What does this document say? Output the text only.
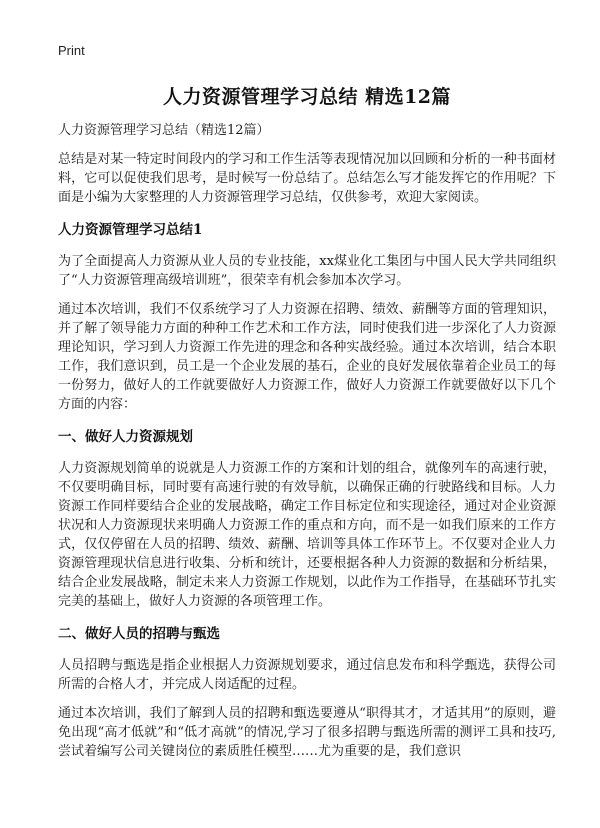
Print
人力资源管理学习总结 精选12篇
人力资源管理学习总结（精选12篇）

总结是对某一特定时间段内的学习和工作生活等表现情况加以回顾和分析的一种书面材料，它可以促使我们思考，是时候写一份总结了。总结怎么写才能发挥它的作用呢？下面是小编为大家整理的人力资源管理学习总结，仅供参考，欢迎大家阅读。

人力资源管理学习总结1

为了全面提高人力资源从业人员的专业技能，xx煤业化工集团与中国人民大学共同组织了“人力资源管理高级培训班”，很荣幸有机会参加本次学习。

通过本次培训，我们不仅系统学习了人力资源在招聘、绩效、薪酬等方面的管理知识，并了解了领导能力方面的种种工作艺术和工作方法，同时使我们进一步深化了人力资源理论知识，学习到人力资源工作先进的理念和各种实战经验。通过本次培训，结合本职工作，我们意识到，员工是一个企业发展的基石，企业的良好发展依靠着企业员工的每一份努力，做好人的工作就要做好人力资源工作，做好人力资源工作就要做好以下几个方面的内容：

一、做好人力资源规划

人力资源规划简单的说就是人力资源工作的方案和计划的组合，就像列车的高速行驶，不仅要明确目标，同时要有高速行驶的有效导航，以确保正确的行驶路线和目标。人力资源工作同样要结合企业的发展战略，确定工作目标定位和实现途径，通过对企业资源状况和人力资源现状来明确人力资源工作的重点和方向，而不是一如我们原来的工作方式，仅仅停留在人员的招聘、绩效、薪酬、培训等具体工作环节上。不仅要对企业人力资源管理现状信息进行收集、分析和统计，还要根据各种人力资源的数据和分析结果，结合企业发展战略，制定未来人力资源工作规划，以此作为工作指导，在基础环节扎实完美的基础上，做好人力资源的各项管理工作。

二、做好人员的招聘与甄选

人员招聘与甄选是指企业根据人力资源规划要求，通过信息发布和科学甄选，获得公司所需的合格人才，并完成人岗适配的过程。

通过本次培训，我们了解到人员的招聘和甄选要遵从“职得其才，才适其用”的原则，避免出现“高才低就”和“低才高就”的情况,学习了很多招聘与甄选所需的测评工具和技巧,尝试着编写公司关键岗位的素质胜任模型……尤为重要的是，我们意识
